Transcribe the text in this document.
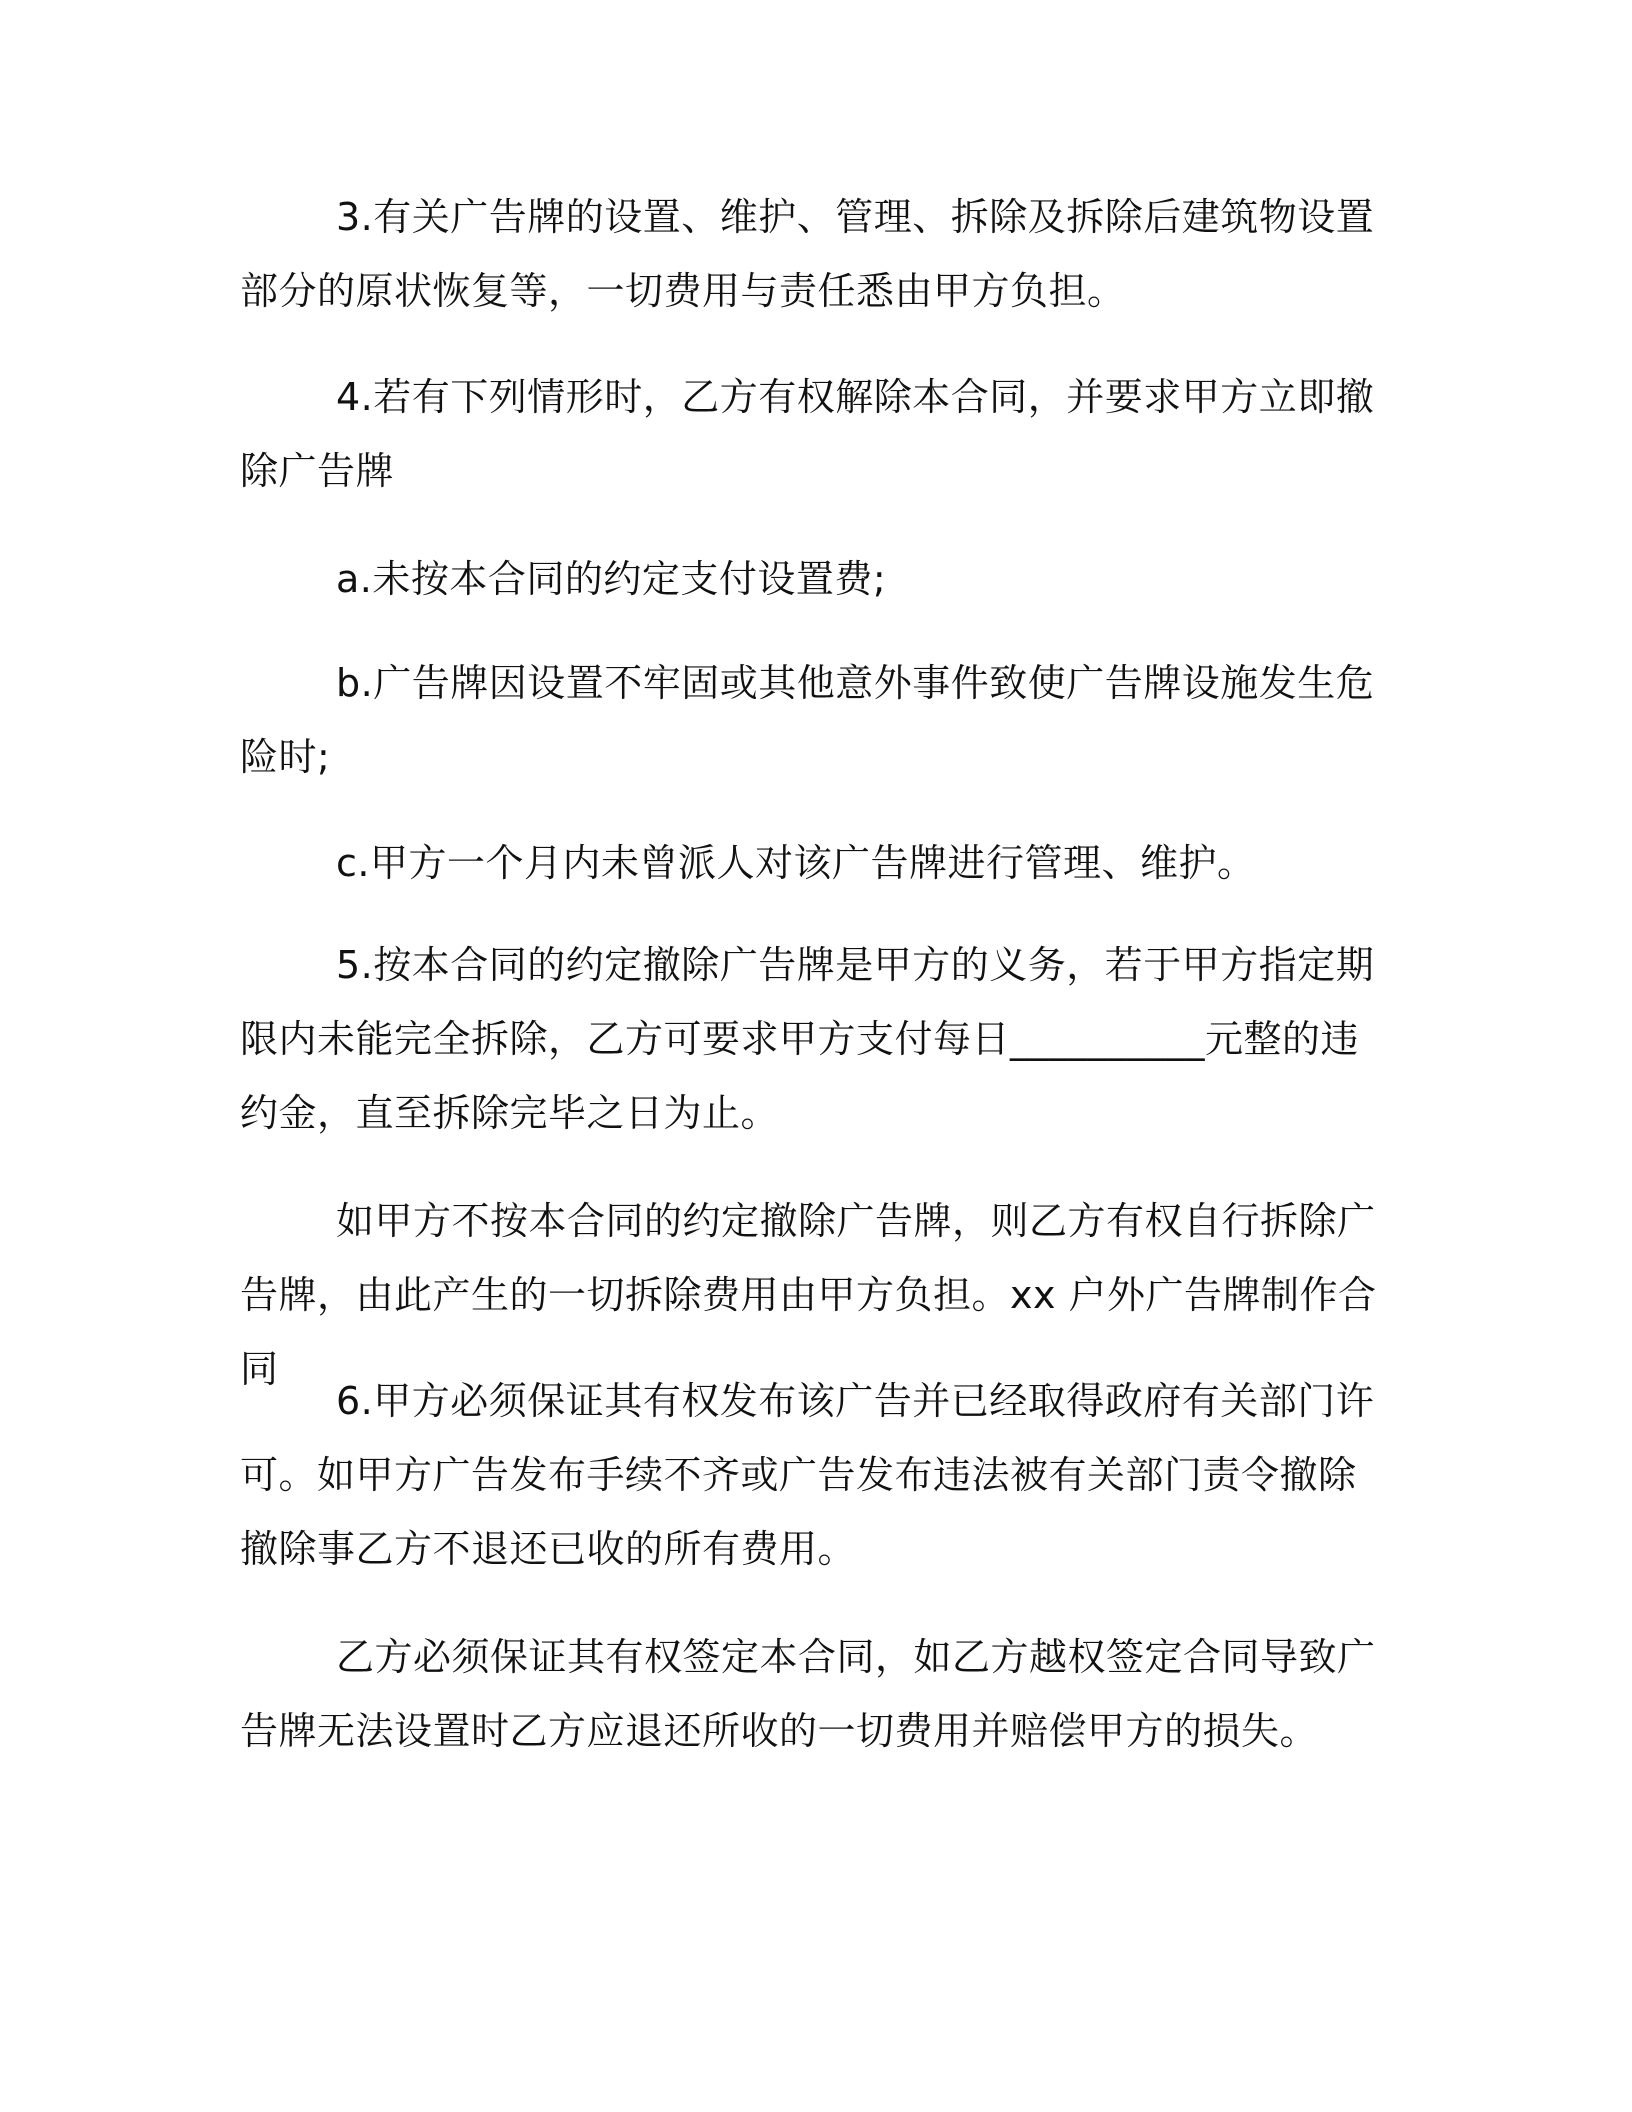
3.有关广告牌的设置、维护、管理、拆除及拆除后建筑物设置部分的原状恢复等，一切费用与责任悉由甲方负担。

4.若有下列情形时，乙方有权解除本合同，并要求甲方立即撤除广告牌

a.未按本合同的约定支付设置费;

b.广告牌因设置不牢固或其他意外事件致使广告牌设施发生危险时;

c.甲方一个月内未曾派人对该广告牌进行管理、维护。

5.按本合同的约定撤除广告牌是甲方的义务，若于甲方指定期限内未能完全拆除，乙方可要求甲方支付每日__________元整的违约金，直至拆除完毕之日为止。

如甲方不按本合同的约定撤除广告牌，则乙方有权自行拆除广告牌，由此产生的一切拆除费用由甲方负担。xx 户外广告牌制作合同

6.甲方必须保证其有权发布该广告并已经取得政府有关部门许可。如甲方广告发布手续不齐或广告发布违法被有关部门责令撤除撤除事乙方不退还已收的所有费用。

乙方必须保证其有权签定本合同，如乙方越权签定合同导致广告牌无法设置时乙方应退还所收的一切费用并赔偿甲方的损失。
